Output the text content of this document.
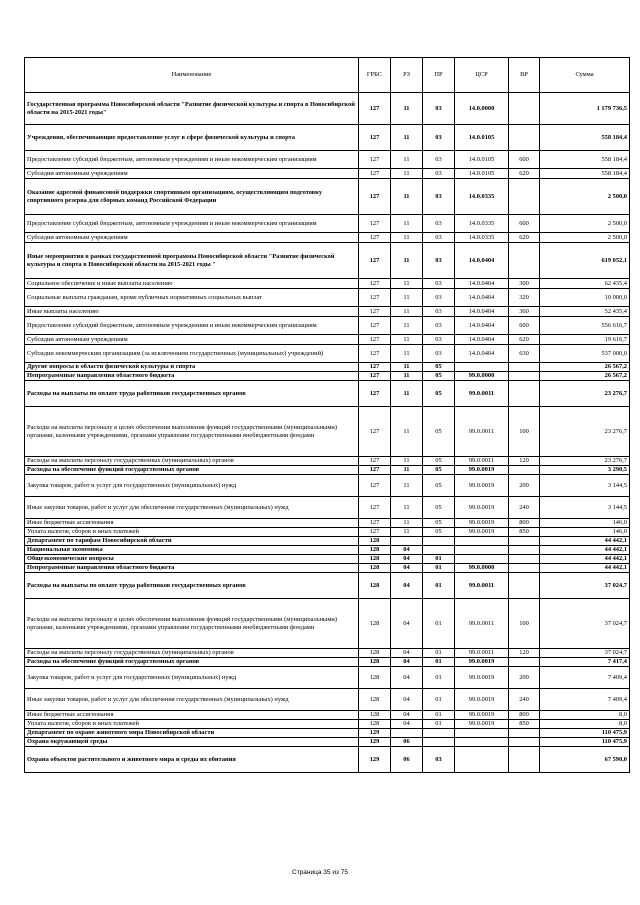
Наименование	ГРБС	РЗ	ПР	ЦСР	ВР	Сумма
Государственная программа Новосибирской области "Развитие физической культуры и спорта в Новосибирской области на 2015-2021 годы"	127	11	03	14.0.0000		1 179 736,5
Учреждения, обеспечивающие предоставление услуг в сфере физической культуры и спорта	127	11	03	14.0.0105		558 184,4
Предоставление субсидий бюджетным, автономным учреждениям и иным некоммерческим организациям	127	11	03	14.0.0105	600	558 184,4
Субсидии автономным учреждениям	127	11	03	14.0.0105	620	558 184,4
Оказание адресной финансовой поддержки спортивным организациям, осуществляющим подготовку спортивного резерва для сборных команд Российской Федерации	127	11	03	14.0.0335		2 500,0
Предоставление субсидий бюджетным, автономным учреждениям и иным некоммерческим организациям	127	11	03	14.0.0335	600	2 500,0
Субсидии автономным учреждениям	127	11	03	14.0.0335	620	2 500,0
Иные мероприятия в рамках государственной программы Новосибирской области "Развитие физической культуры и спорта в Новосибирской области на 2015-2021 годы "	127	11	03	14.0.0404		619 052,1
Социальное обеспечение и иные выплаты населению	127	11	03	14.0.0404	300	62 435,4
Социальные выплаты гражданам, кроме публичных нормативных социальных выплат	127	11	03	14.0.0404	320	10 000,0
Иные выплаты населению	127	11	03	14.0.0404	360	52 435,4
Предоставление субсидий бюджетным, автономным учреждениям и иным некоммерческим организациям	127	11	03	14.0.0404	600	556 616,7
Субсидии автономным учреждениям	127	11	03	14.0.0404	620	19 616,7
Субсидии некоммерческим организациям (за исключением государственных (муниципальных) учреждений)	127	11	03	14.0.0404	630	537 000,0
Другие вопросы в области физической культуры и спорта	127	11	05			26 567,2
Непрограммные направления областного бюджета	127	11	05	99.0.0000		26 567,2
Расходы на выплаты по оплате труда работников государственных органов	127	11	05	99.0.0011		23 276,7
Расходы на выплаты персоналу в целях обеспечения выполнения функций государственными (муниципальными) органами, казенными учреждениями, органами управления государственными внебюджетными фондами	127	11	05	99.0.0011	100	23 276,7
Расходы на выплаты персоналу государственных (муниципальных) органов	127	11	05	99.0.0011	120	23 276,7
Расходы на обеспечение функций государственных органов	127	11	05	99.0.0019		3 290,5
Закупка товаров, работ и услуг для государственных (муниципальных) нужд	127	11	05	99.0.0019	200	3 144,5
Иные закупки товаров, работ и услуг для обеспечения государственных (муниципальных) нужд	127	11	05	99.0.0019	240	3 144,5
Иные бюджетные ассигнования	127	11	05	99.0.0019	800	146,0
Уплата налогов, сборов и иных платежей	127	11	05	99.0.0019	850	146,0
Департамент по тарифам Новосибирской области	128					44 442,1
Национальная экономика	128	04				44 442,1
Общеэкономические вопросы	128	04	01			44 442,1
Непрограммные направления областного бюджета	128	04	01	99.0.0000		44 442,1
Расходы на выплаты по оплате труда работников государственных органов	128	04	01	99.0.0011		37 024,7
Расходы на выплаты персоналу в целях обеспечения выполнения функций государственными (муниципальными) органами, казенными учреждениями, органами управления государственными внебюджетными фондами	128	04	01	99.0.0011	100	37 024,7
Расходы на выплаты персоналу государственных (муниципальных) органов	128	04	01	99.0.0011	120	37 024,7
Расходы на обеспечение функций государственных органов	128	04	01	99.0.0019		7 417,4
Закупка товаров, работ и услуг для государственных (муниципальных) нужд	128	04	01	99.0.0019	200	7 409,4
Иные закупки товаров, работ и услуг для обеспечения государственных (муниципальных) нужд	128	04	01	99.0.0019	240	7 409,4
Иные бюджетные ассигнования	128	04	01	99.0.0019	800	8,0
Уплата налогов, сборов и иных платежей	128	04	01	99.0.0019	850	8,0
Департамент по охране животного мира Новосибирской области	129					110 475,9
Охрана окружающей среды	129	06				110 475,9
Охрана объектов растительного и животного мира и среды их обитания	129	06	03			67 590,0
Страница 35 из 75
